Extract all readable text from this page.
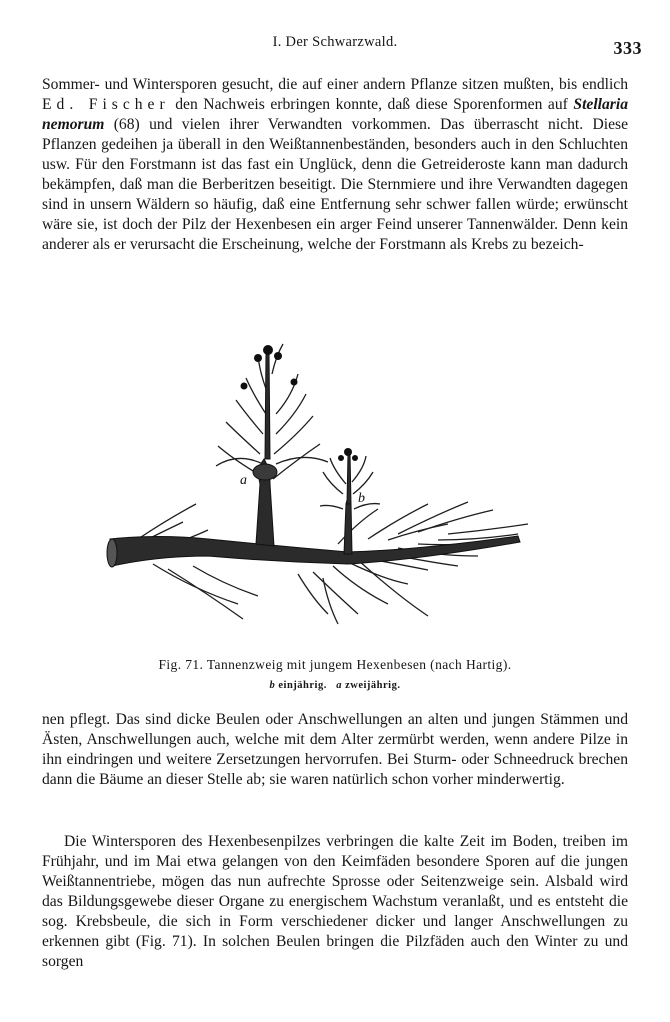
I. Der Schwarzwald.	333

Sommer- und Wintersporen gesucht, die auf einer andern Pflanze sitzen mußten, bis endlich Ed. Fischer den Nachweis erbringen konnte, daß diese Sporenformen auf Stellaria nemorum (68) und vielen ihrer Verwandten vorkommen. Das überrascht nicht. Diese Pflanzen gedeihen ja überall in den Weißtannenbeständen, besonders auch in den Schluchten usw. Für den Forstmann ist das fast ein Unglück, denn die Getreideroste kann man dadurch bekämpfen, daß man die Berberitzen beseitigt. Die Sternmiere und ihre Verwandten dagegen sind in unsern Wäldern so häufig, daß eine Entfernung sehr schwer fallen würde; erwünscht wäre sie, ist doch der Pilz der Hexenbesen ein arger Feind unserer Tannenwälder. Denn kein anderer als er verursacht die Erscheinung, welche der Forstmann als Krebs zu bezeich-

a
b
Fig. 71. Tannenzweig mit jungem Hexenbesen (nach Hartig).
b einjährig. a zweijährig.

nen pflegt. Das sind dicke Beulen oder Anschwellungen an alten und jungen Stämmen und Ästen, Anschwellungen auch, welche mit dem Alter zermürbt werden, wenn andere Pilze in ihn eindringen und weitere Zersetzungen hervorrufen. Bei Sturm- oder Schneedruck brechen dann die Bäume an dieser Stelle ab; sie waren natürlich schon vorher minderwertig.

Die Wintersporen des Hexenbesenpilzes verbringen die kalte Zeit im Boden, treiben im Frühjahr, und im Mai etwa gelangen von den Keimfäden besondere Sporen auf die jungen Weißtannentriebe, mögen das nun aufrechte Sprosse oder Seitenzweige sein. Alsbald wird das Bildungsgewebe dieser Organe zu energischem Wachstum veranlaßt, und es entsteht die sog. Krebsbeule, die sich in Form verschiedener dicker und langer Anschwellungen zu erkennen gibt (Fig. 71). In solchen Beulen bringen die Pilzfäden auch den Winter zu und sorgen
